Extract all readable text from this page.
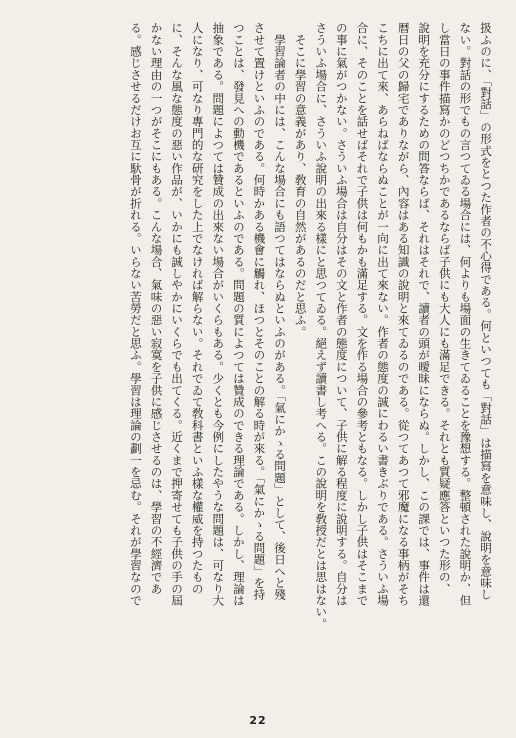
扱ふのに、「對話」の形式をとつた作者の不心得である。何といつても「對話」は描寫を意味し、說明を意味し
ない。對話の形でもの言つてゐる場合には、何よりも場面の生きてゐることを豫想する。整頓された說明か、但
し當日の事件描寫かのどつちかであるならば子供にも大人にも滿足できる。それとも質疑應答といつた形の、
說明を充分にするための問答ならば、それはそれで、讀者の頭が曖昧にならぬ。しかし、この課では、事件は還
暦日の父の歸宅でありながら、內容はある知識の說明と來てゐるのである。從つてあつて邪魔になる事柄がそち
こちに出て來、あらねばならぬことが一向に出て來ない。作者の態度の誠にわるい書きぶりである。さういふ場
合に、そのことを話せばそれで子供は何もかも滿足する。文を作る場合の參考ともなる。しかし子供はそこまで
の事に氣がつかない。さういふ場合は自分はその文と作者の態度について、子供に解る程度に說明する。自分は
さういふ場合に、さういふ說明の出來る樣にと思つてゐる。絕えず讀書し考へる。この說明を敎授だとは思はない。
　そこに學習の意義があり、敎育の自然があるのだと思ふ。
　學習論者の中には、こんな場合にも語つてはならぬといふのがある。「氣にかゝる問題」として、後日へと殘
させて置けといふのである。何時かある機會に觸れ、ほつとそのことの解る時が來る。「氣にかゝる問題」を持
つことは、發見への動機であるといふのである。問題の質によつては贊成のできる理論である。しかし、理論は
抽象である。問題によつては贊成の出來ない場合がいくらもある。少くとも今例にしたやうな問題は、可なり大
人になり、可なり專門的な研究をした上でなければ解らない。それでゐて敎科書といふ樣な權威を持つたもの
に、そんな風な態度の惡い作品が、いかにも誠しやかにいくらでも出てくる。近くまで押寄せても子供の手の屆
かない理由の一つがそこにもある。こんな場合、氣味の惡い寂寞を子供に感じさせるのは、學習の不經濟であ
る。感じさせるだけお互に馱骨が折れる。いらない苦勞だと思ふ。學習は理論の劃一を忌む。それが學習なので
22
